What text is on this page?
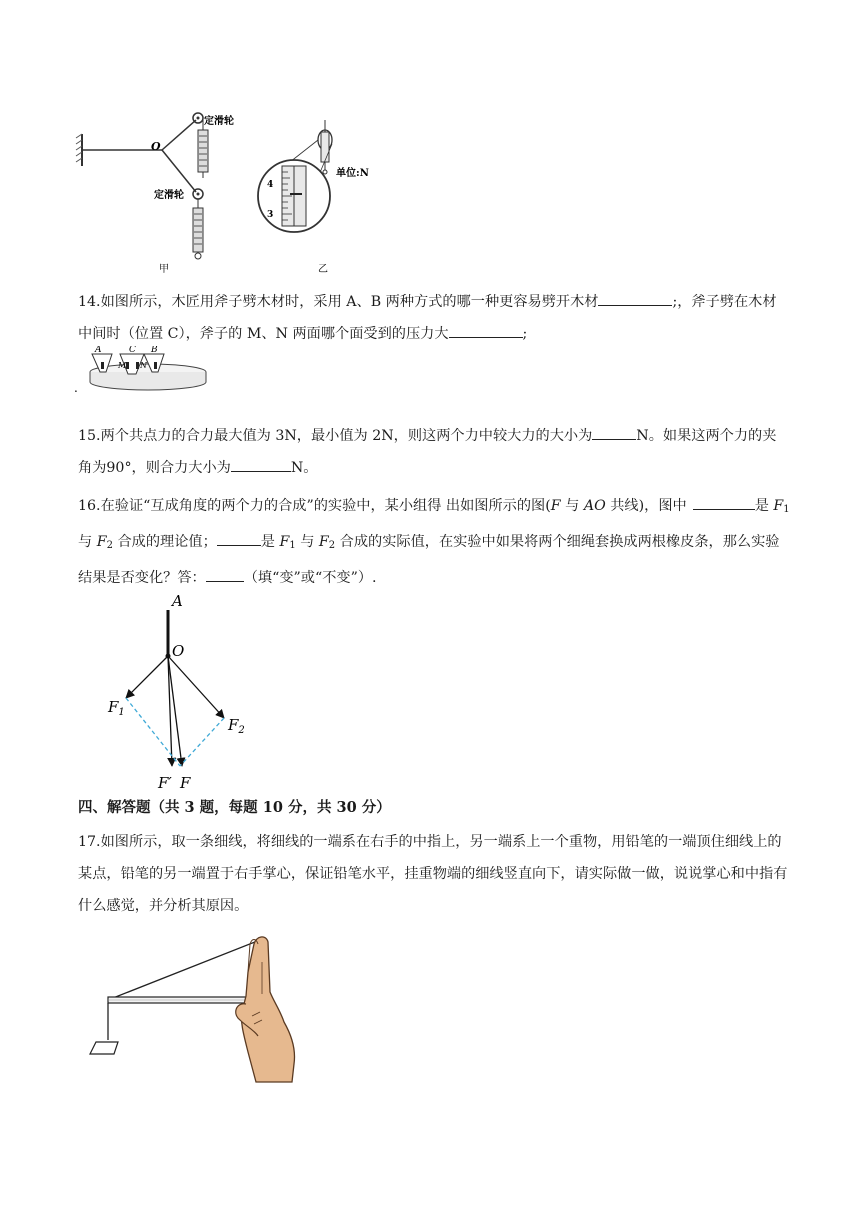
O
定滑轮
定滑轮
甲
4
3
单位:N
乙

14.如图所示，木匠用斧子劈木材时，采用 A、B 两种方式的哪一种更容易劈开木材	;，斧子劈在木材中间时（位置 C），斧子的 M、N 两面哪个面受到的压力大	;

.
A	C B
M N

15.两个共点力的合力最大值为 3N，最小值为 2N，则这两个力中较大力的大小为	N。如果这两个力的夹角为90°，则合力大小为	N。

16.在验证“互成角度的两个力的合成”的实验中，某小组得 出如图所示的图(F 与 AO 共线)，图中	是 $F_1$ 与 $F_2$ 合成的理论值；	是 $F_1$ 与 $F_2$ 合成的实际值，在实验中如果将两个细绳套换成两根橡皮条，那么实验结果是否变化？答：	（填“变”或“不变”）.

A
O
$F_1$
$F_2$
F′ F

四、解答题（共 3 题，每题 10 分，共 30 分）

17.如图所示，取一条细线，将细线的一端系在右手的中指上，另一端系上一个重物，用铅笔的一端顶住细线上的某点，铅笔的另一端置于右手掌心，保证铅笔水平，挂重物端的细线竖直向下，请实际做一做，说说掌心和中指有什么感觉，并分析其原因。
